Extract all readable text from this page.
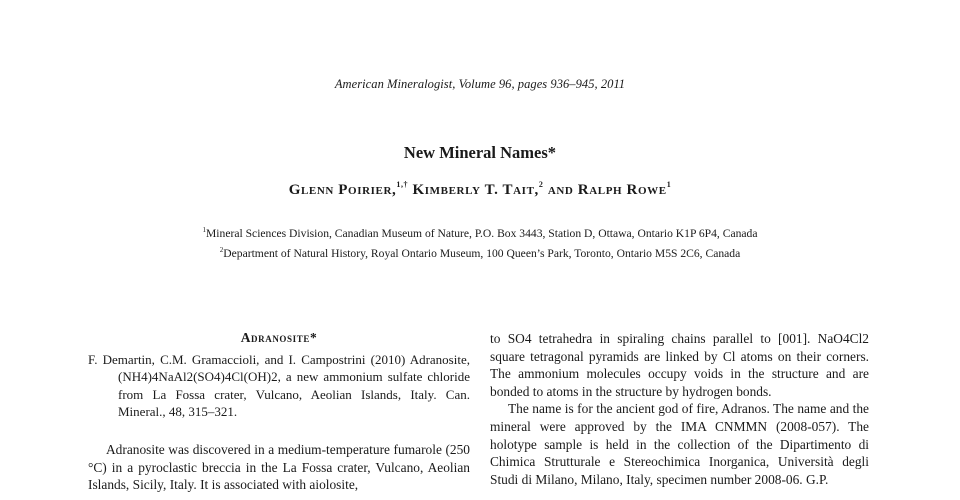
American Mineralogist, Volume 96, pages 936–945, 2011
New Mineral Names*
Glenn Poirier,$^{1,\dagger}$ Kimberly T. Tait,$^2$ and Ralph Rowe$^1$
$^1$Mineral Sciences Division, Canadian Museum of Nature, P.O. Box 3443, Station D, Ottawa, Ontario K1P 6P4, Canada
$^2$Department of Natural History, Royal Ontario Museum, 100 Queen’s Park, Toronto, Ontario M5S 2C6, Canada
Adranosite*

F. Demartin, C.M. Gramaccioli, and I. Campostrini (2010) Adranosite, (NH4)4NaAl2(SO4)4Cl(OH)2, a new ammonium sulfate chloride from La Fossa crater, Vulcano, Aeolian Islands, Italy. Can. Mineral., 48, 315–321.

Adranosite was discovered in a medium-temperature fumarole (250 °C) in a pyroclastic breccia in the La Fossa crater, Vulcano, Aeolian Islands, Sicily, Italy. It is associated with aiolosite,

to SO4 tetrahedra in spiraling chains parallel to [001]. NaO4Cl2 square tetragonal pyramids are linked by Cl atoms on their corners. The ammonium molecules occupy voids in the structure and are bonded to atoms in the structure by hydrogen bonds.

The name is for the ancient god of fire, Adranos. The name and the mineral were approved by the IMA CNMMN (2008-057). The holotype sample is held in the collection of the Dipartimento di Chimica Strutturale e Stereochimica Inorganica, Università degli Studi di Milano, Milano, Italy, specimen number 2008-06. G.P.
